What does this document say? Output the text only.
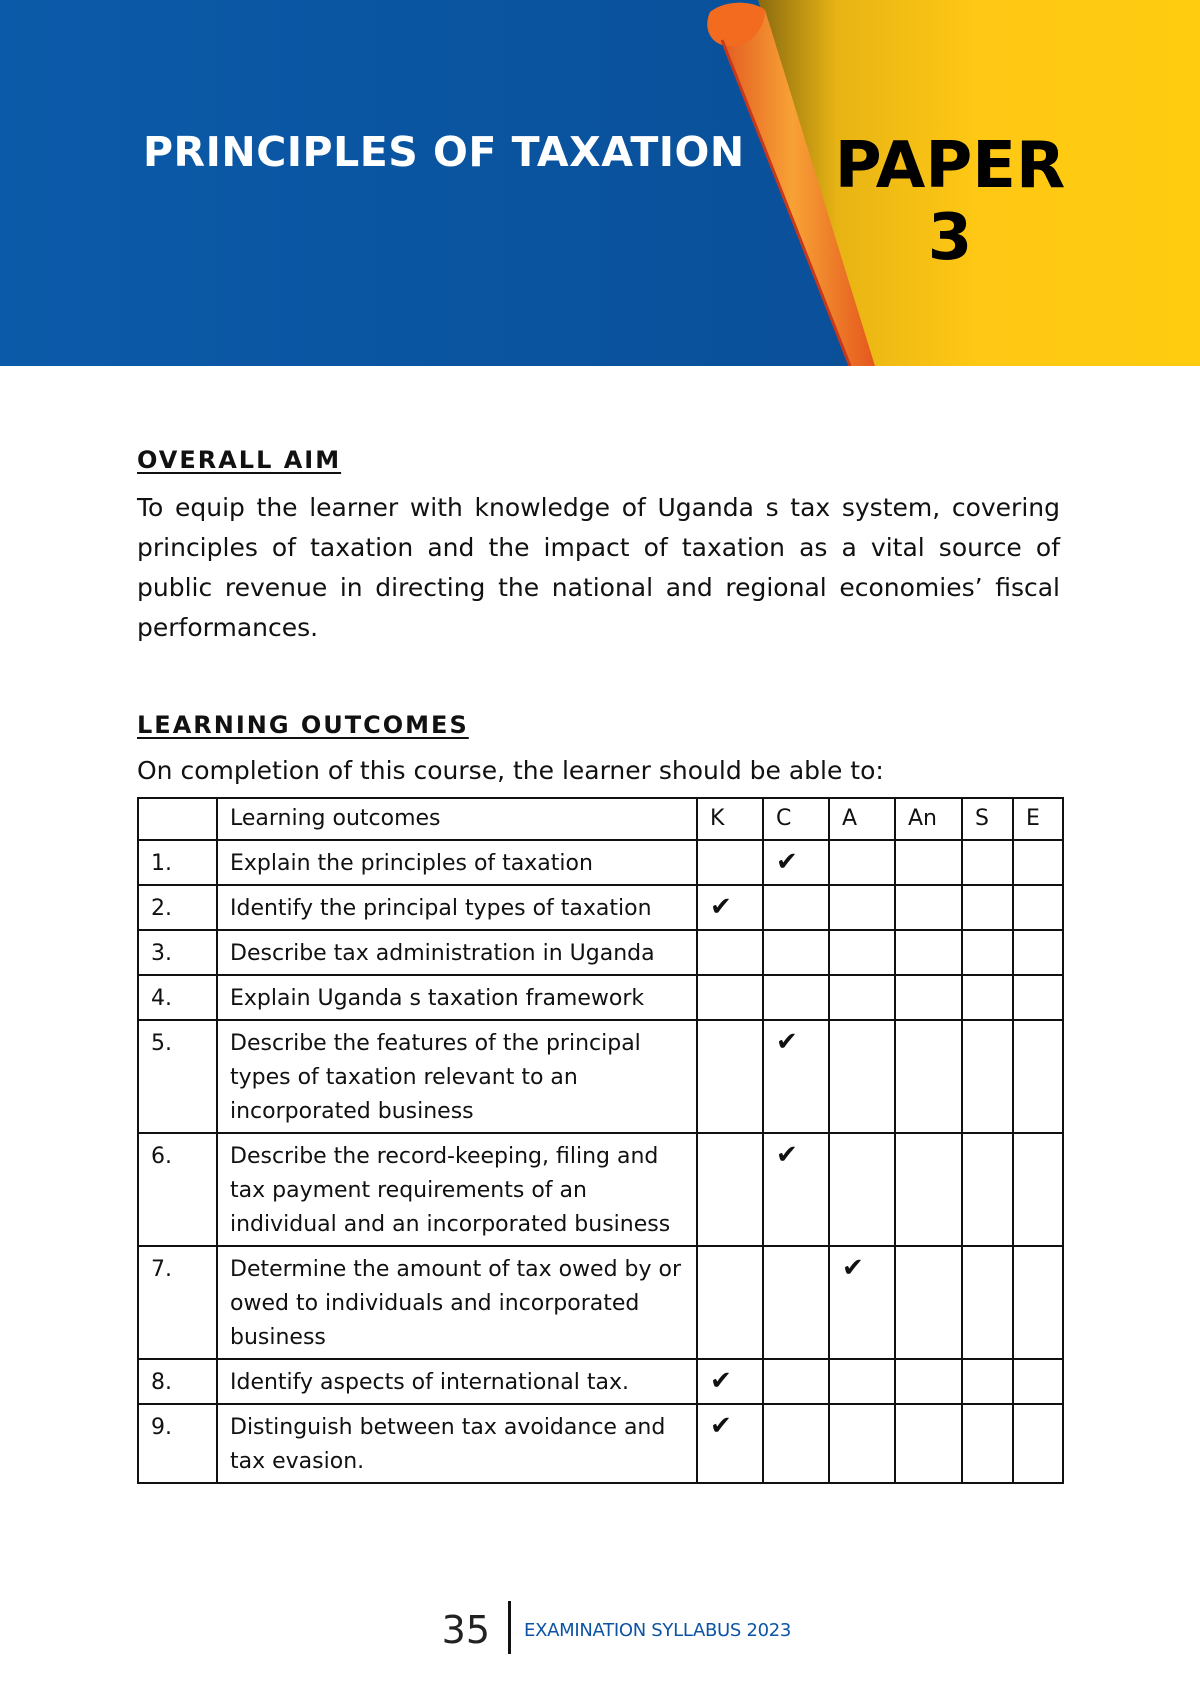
PRINCIPLES OF TAXATION PAPER
3
OVERALL AIM

To equip the learner with knowledge of Uganda s tax system, covering principles of taxation and the impact of taxation as a vital source of public revenue in directing the national and regional economies’ fiscal performances.

LEARNING OUTCOMES

On completion of this course, the learner should be able to:

	Learning outcomes	K	C	A	An	S	E
1.	Explain the principles of taxation		✔				
2.	Identify the principal types of taxation	✔					
3.	Describe tax administration in Uganda						
4.	Explain Uganda s taxation framework						
5.	Describe the features of the principal types of taxation relevant to an incorporated business		✔				
6.	Describe the record-keeping, filing and tax payment requirements of an individual and an incorporated business		✔				
7.	Determine the amount of tax owed by or owed to individuals and incorporated business			✔			
8.	Identify aspects of international tax.	✔					
9.	Distinguish between tax avoidance and tax evasion.	✔					
35 EXAMINATION SYLLABUS 2023
